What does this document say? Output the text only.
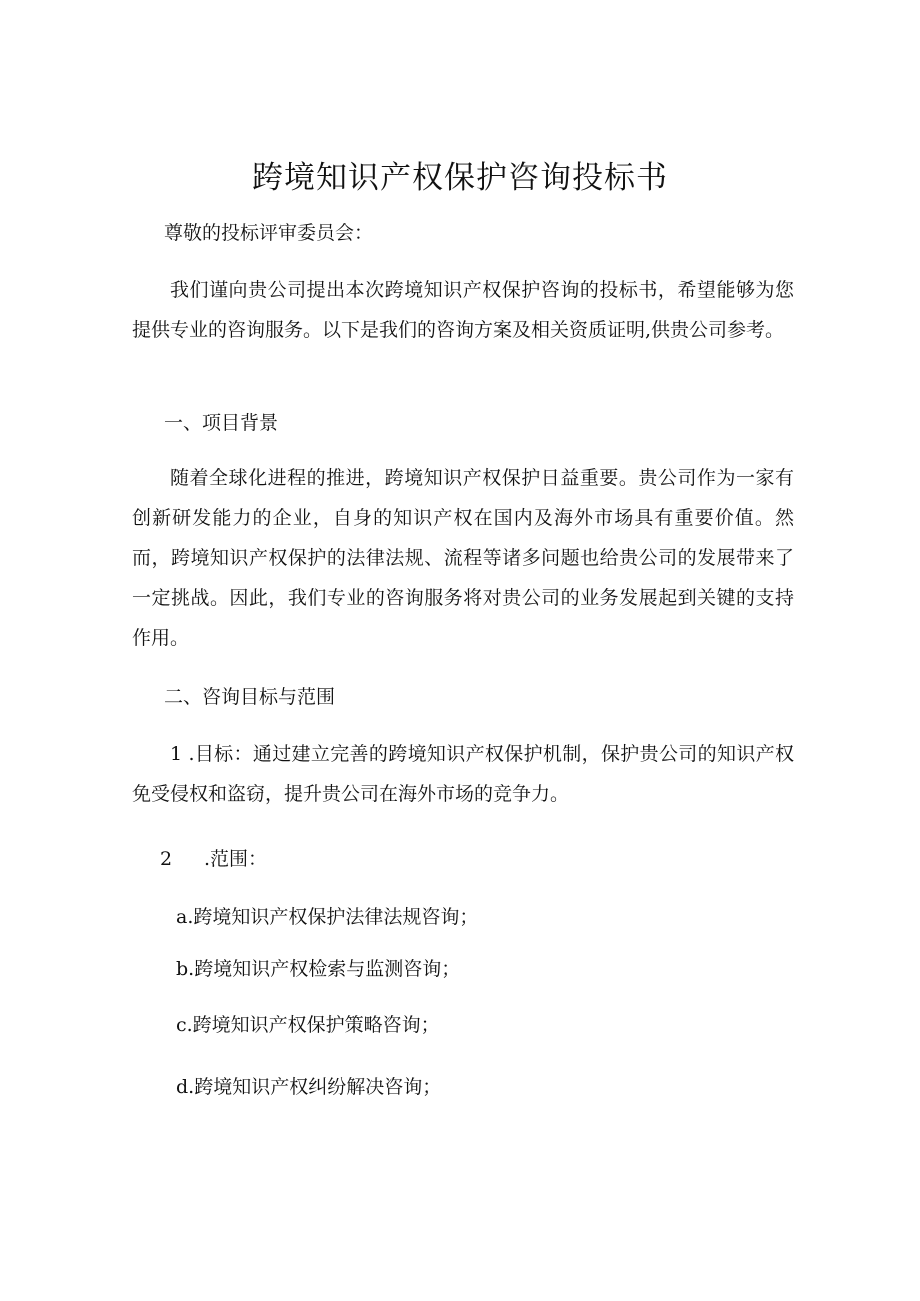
跨境知识产权保护咨询投标书

尊敬的投标评审委员会：

我们谨向贵公司提出本次跨境知识产权保护咨询的投标书，希望能够为您提供专业的咨询服务。以下是我们的咨询方案及相关资质证明,供贵公司参考。

一、项目背景

随着全球化进程的推进，跨境知识产权保护日益重要。贵公司作为一家有创新研发能力的企业，自身的知识产权在国内及海外市场具有重要价值。然而，跨境知识产权保护的法律法规、流程等诸多问题也给贵公司的发展带来了一定挑战。因此，我们专业的咨询服务将对贵公司的业务发展起到关键的支持作用。

二、咨询目标与范围

1 .目标：通过建立完善的跨境知识产权保护机制，保护贵公司的知识产权免受侵权和盗窃，提升贵公司在海外市场的竞争力。

2 .范围：

a.跨境知识产权保护法律法规咨询；

b.跨境知识产权检索与监测咨询；

c.跨境知识产权保护策略咨询；

d.跨境知识产权纠纷解决咨询；
